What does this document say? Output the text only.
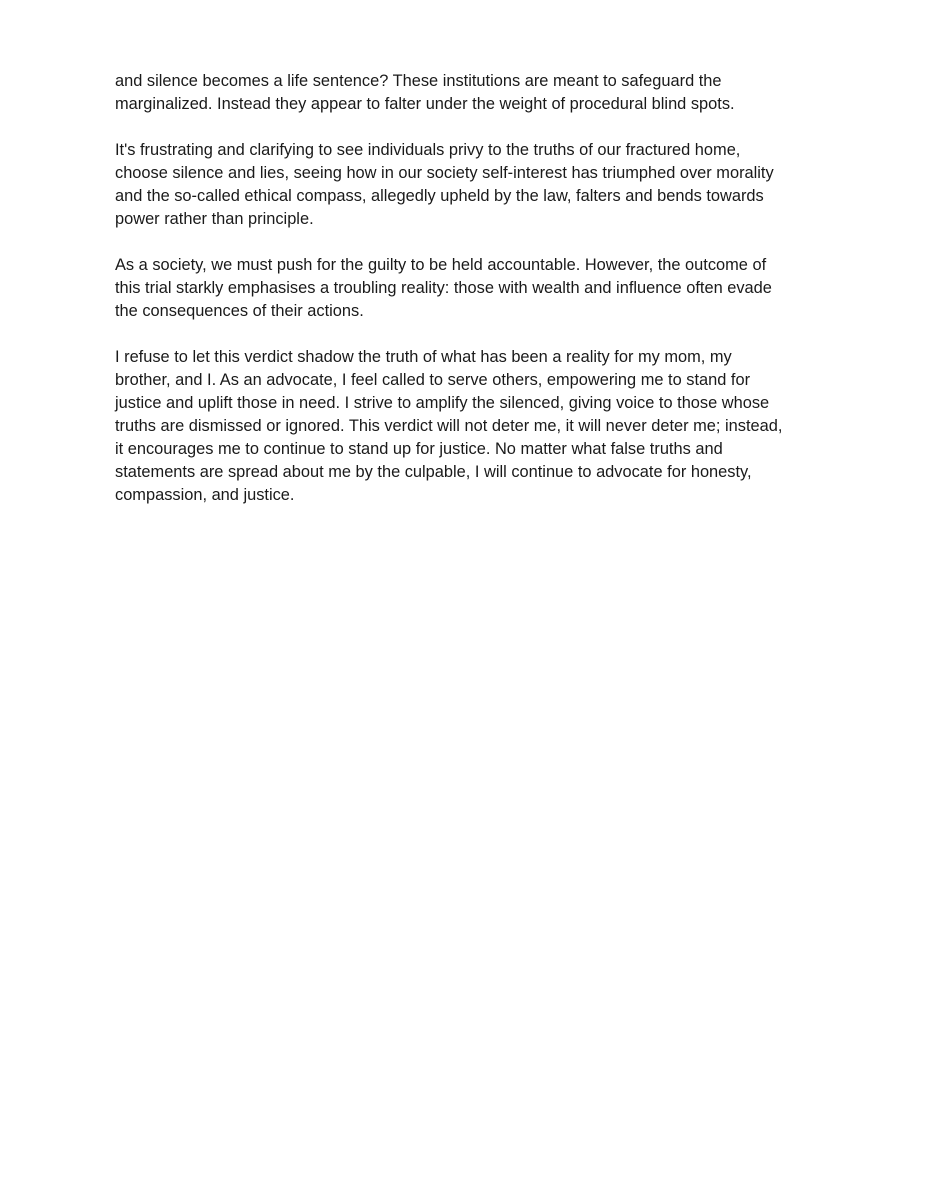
and silence becomes a life sentence? These institutions are meant to safeguard the
marginalized. Instead they appear to falter under the weight of procedural blind spots.

It's frustrating and clarifying to see individuals privy to the truths of our fractured home,
choose silence and lies, seeing how in our society self-interest has triumphed over morality
and the so-called ethical compass, allegedly upheld by the law, falters and bends towards
power rather than principle.

As a society, we must push for the guilty to be held accountable. However, the outcome of
this trial starkly emphasises a troubling reality: those with wealth and influence often evade
the consequences of their actions.

I refuse to let this verdict shadow the truth of what has been a reality for my mom, my
brother, and I. As an advocate, I feel called to serve others, empowering me to stand for
justice and uplift those in need. I strive to amplify the silenced, giving voice to those whose
truths are dismissed or ignored. This verdict will not deter me, it will never deter me; instead,
it encourages me to continue to stand up for justice. No matter what false truths and
statements are spread about me by the culpable, I will continue to advocate for honesty,
compassion, and justice.
